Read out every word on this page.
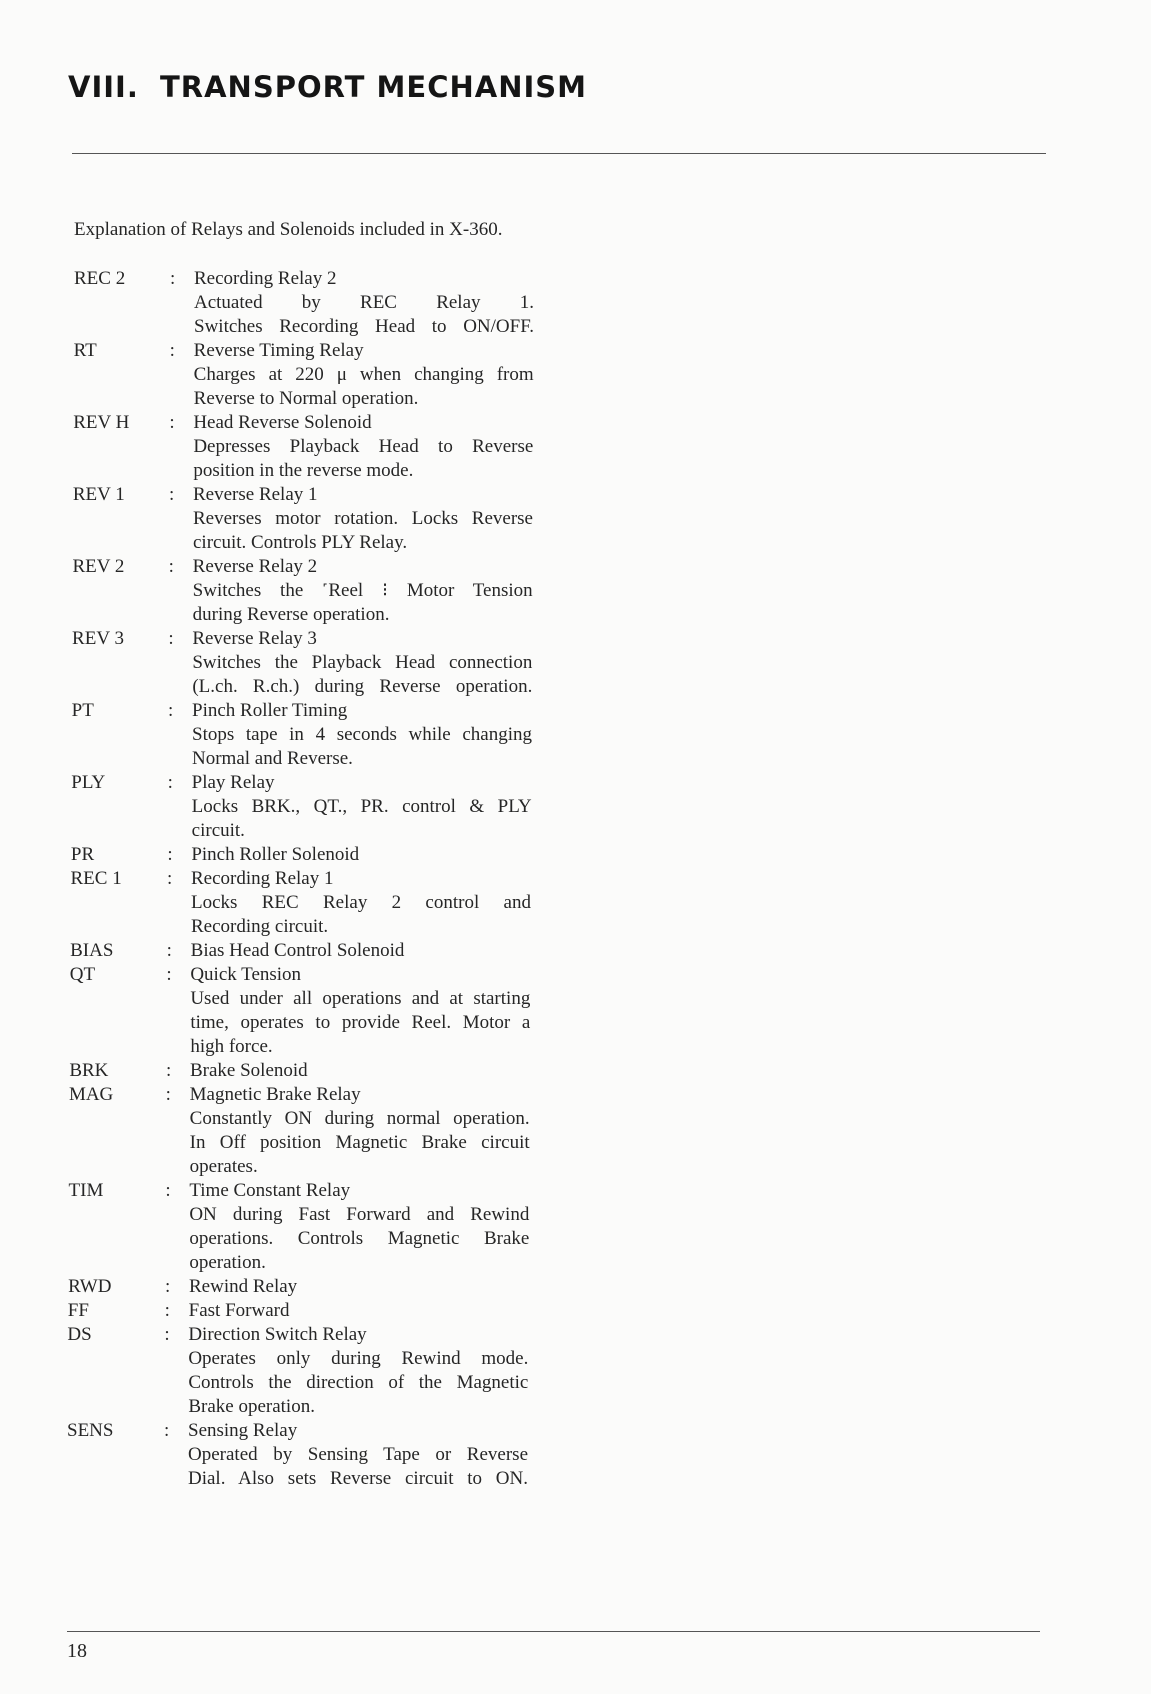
VIII. TRANSPORT MECHANISM
Explanation of Relays and Solenoids included in X-360.
REC 2 : Recording Relay 2
Actuated by REC Relay 1.
Switches Recording Head to ON/OFF.
RT	: Reverse Timing Relay
Charges at 220 μ when changing from
Reverse to Normal operation.
REV H : Head Reverse Solenoid
Depresses Playback Head to Reverse
position in the reverse mode.
REV 1 : Reverse Relay 1
Reverses motor rotation. Locks Reverse
circuit. Controls PLY Relay.
REV 2 : Reverse Relay 2
Switches the ˹Reel ⁝ Motor Tension
during Reverse operation.
REV 3 : Reverse Relay 3
Switches the Playback Head connection
(L.ch. R.ch.) during Reverse operation.
PT	: Pinch Roller Timing
Stops tape in 4 seconds while changing
Normal and Reverse.
PLY	: Play Relay
Locks BRK., QT., PR. control & PLY
circuit.
PR	: Pinch Roller Solenoid
REC 1 : Recording Relay 1
Locks REC Relay 2 control and
Recording circuit.
BIAS	: Bias Head Control Solenoid
QT	: Quick Tension
Used under all operations and at starting
time, operates to provide Reel. Motor a
high force.
BRK	: Brake Solenoid
MAG	: Magnetic Brake Relay
Constantly ON during normal operation.
In Off position Magnetic Brake circuit
operates.
TIM	: Time Constant Relay
ON during Fast Forward and Rewind
operations. Controls Magnetic Brake
operation.
RWD	: Rewind Relay
FF	: Fast Forward
DS	: Direction Switch Relay
Operates only during Rewind mode.
Controls the direction of the Magnetic
Brake operation.
SENS	: Sensing Relay
Operated by Sensing Tape or Reverse
Dial. Also sets Reverse circuit to ON.
18
